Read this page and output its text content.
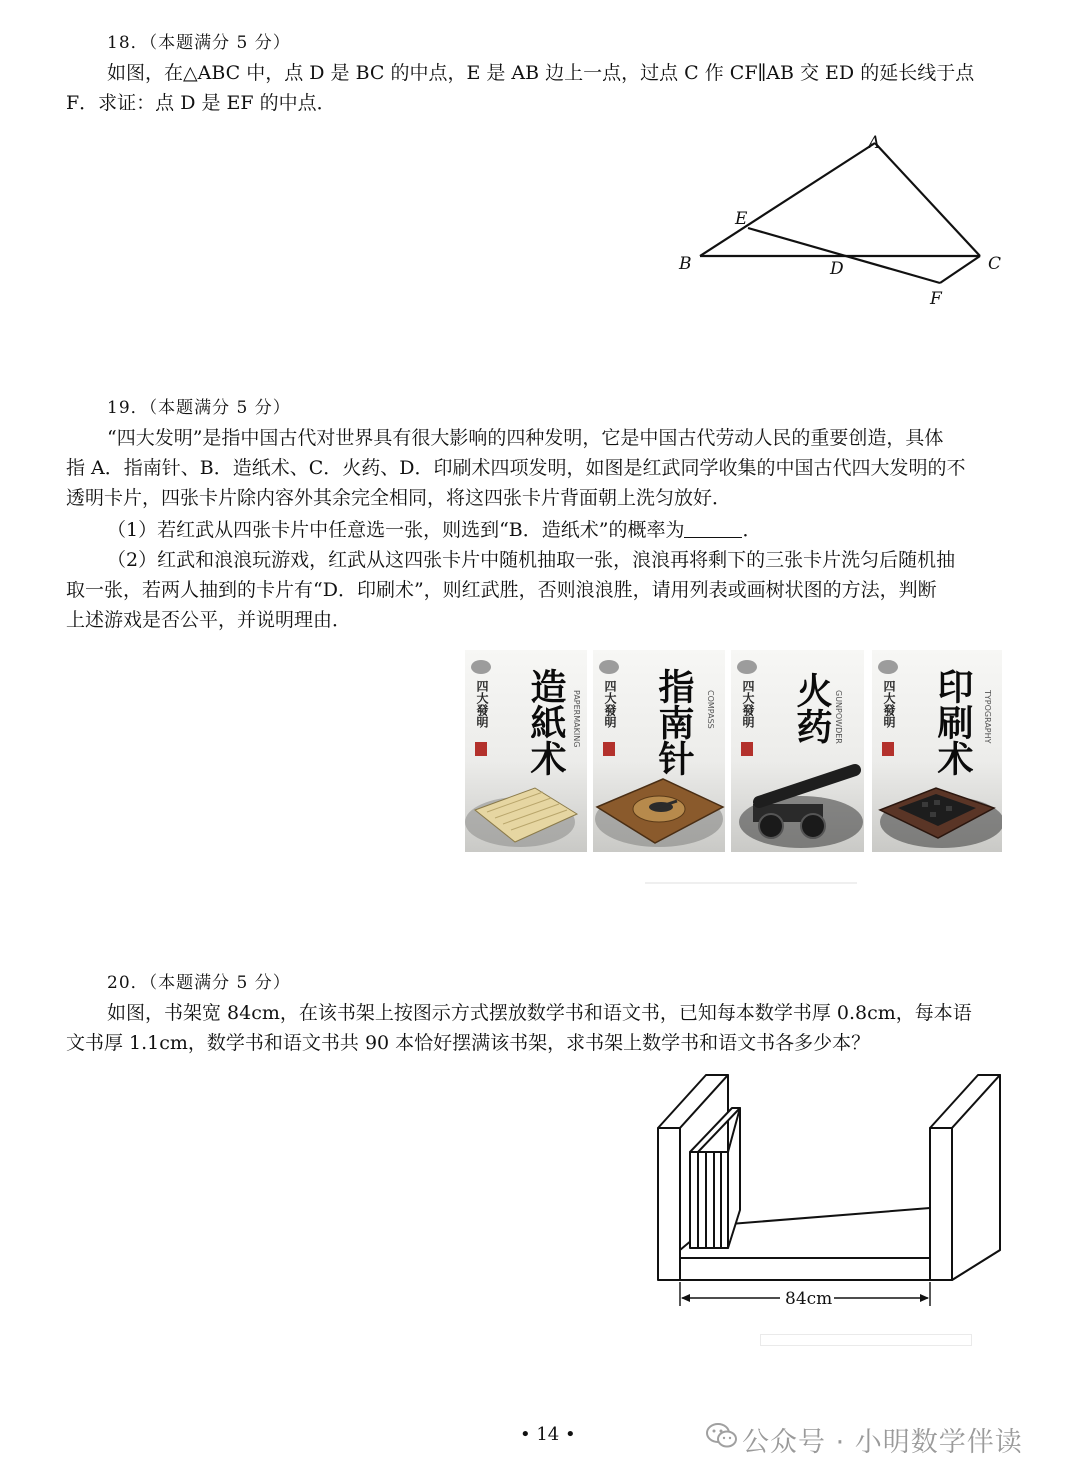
18．（本题满分 5 分）
如图，在△ABC 中，点 D 是 BC 的中点，E 是 AB 边上一点，过点 C 作 CF∥AB 交 ED 的延长线于点
F．求证：点 D 是 EF 的中点．
A
B	C
D
E
F
19．（本题满分 5 分）
“四大发明”是指中国古代对世界具有很大影响的四种发明，它是中国古代劳动人民的重要创造，具体
指 A．指南针、B．造纸术、C．火药、D．印刷术四项发明，如图是红武同学收集的中国古代四大发明的不
透明卡片，四张卡片除内容外其余完全相同，将这四张卡片背面朝上洗匀放好．
（1）若红武从四张卡片中任意选一张，则选到“B．造纸术”的概率为	．
（2）红武和浪浪玩游戏，红武从这四张卡片中随机抽取一张，浪浪再将剩下的三张卡片洗匀后随机抽
取一张，若两人抽到的卡片有“D．印刷术”，则红武胜，否则浪浪胜，请用列表或画树状图的方法，判断
上述游戏是否公平，并说明理由．
四大發明	造紙术 PAPERMAKING 四大發明	指南针	COMPASS 四大發明	火药 GUNPOWDER	四大發明	印刷术	TYPOGRAPHY
20．（本题满分 5 分）
如图，书架宽 84cm，在该书架上按图示方式摆放数学书和语文书，已知每本数学书厚 0.8cm，每本语
文书厚 1.1cm，数学书和语文书共 90 本恰好摆满该书架，求书架上数学书和语文书各多少本？
84cm
• 14 •	公众号 · 小明数学伴读
